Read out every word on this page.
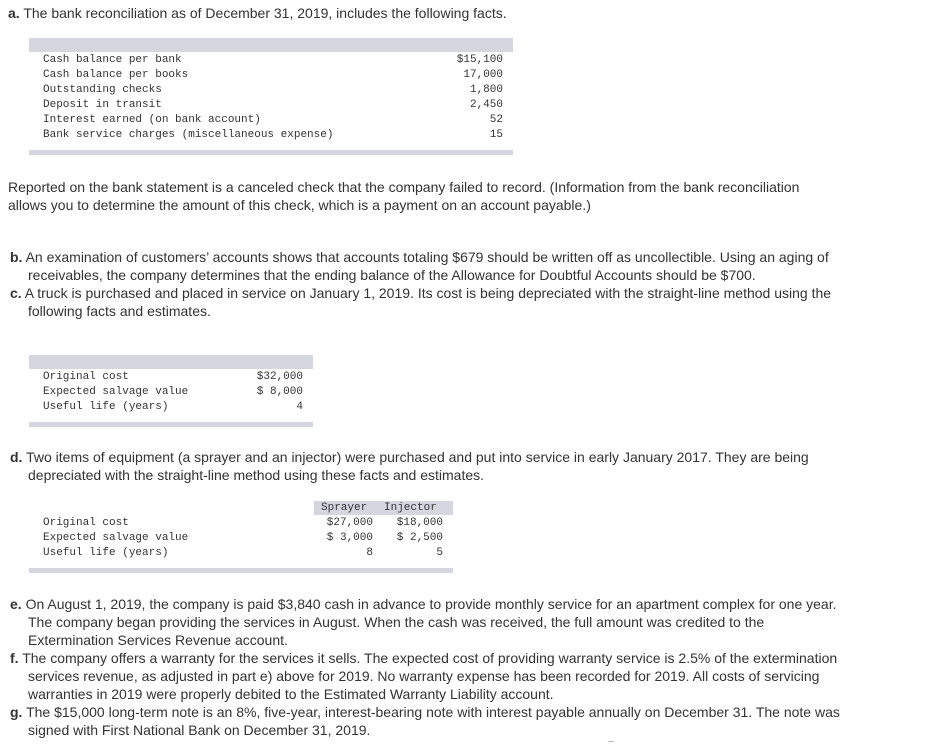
a. The bank reconciliation as of December 31, 2019, includes the following facts.
Cash balance per bank	$15,100
Cash balance per books	17,000
Outstanding checks	1,800
Deposit in transit	2,450
Interest earned (on bank account)	52
Bank service charges (miscellaneous expense)	15
Reported on the bank statement is a canceled check that the company failed to record. (Information from the bank reconciliation
allows you to determine the amount of this check, which is a payment on an account payable.)
b. An examination of customers’ accounts shows that accounts totaling $679 should be written off as uncollectible. Using an aging of
receivables, the company determines that the ending balance of the Allowance for Doubtful Accounts should be $700.
c. A truck is purchased and placed in service on January 1, 2019. Its cost is being depreciated with the straight-line method using the
following facts and estimates.
Original cost	$32,000
Expected salvage value	$ 8,000
Useful life (years)	4
d. Two items of equipment (a sprayer and an injector) were purchased and put into service in early January 2017. They are being
depreciated with the straight-line method using these facts and estimates.
Sprayer Injector
Original cost	$27,000 $18,000
Expected salvage value	$ 3,000 $ 2,500
Useful life (years)	8	5
e. On August 1, 2019, the company is paid $3,840 cash in advance to provide monthly service for an apartment complex for one year.
The company began providing the services in August. When the cash was received, the full amount was credited to the
Extermination Services Revenue account.
f. The company offers a warranty for the services it sells. The expected cost of providing warranty service is 2.5% of the extermination
services revenue, as adjusted in part e) above for 2019. No warranty expense has been recorded for 2019. All costs of servicing
warranties in 2019 were properly debited to the Estimated Warranty Liability account.
g. The $15,000 long-term note is an 8%, five-year, interest-bearing note with interest payable annually on December 31. The note was
signed with First National Bank on December 31, 2019.
